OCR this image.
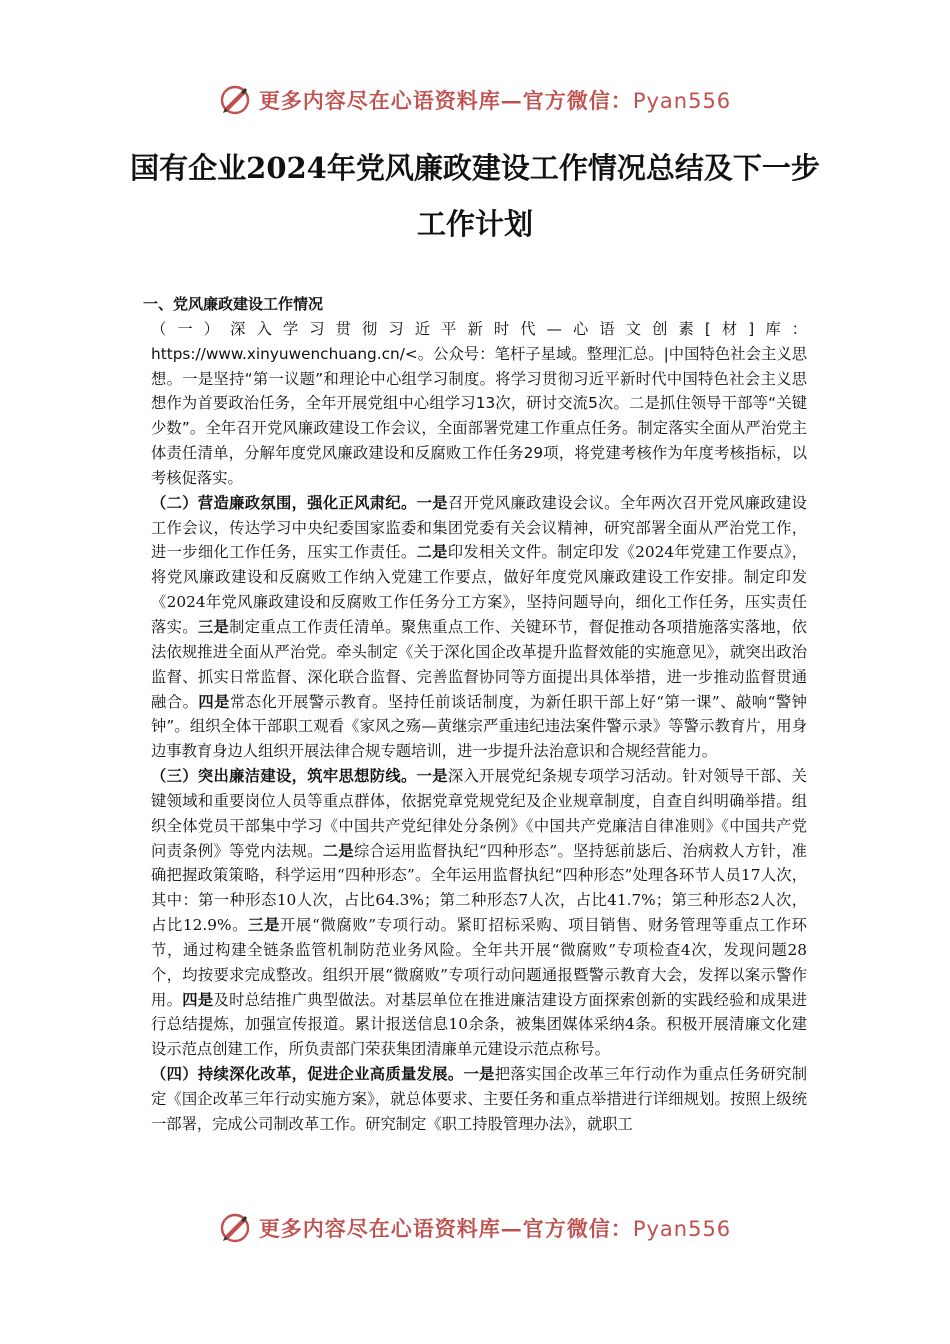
更多内容尽在心语资料库—官方微信：Pyan556
国有企业2024年党风廉政建设工作情况总结及下一步工作计划

一、党风廉政建设工作情况

（一）深入学习贯彻习近平新时代—心语文创素[材]库：https://www.xinyuwenchuang.cn/<。公众号：笔杆子星域。整理汇总。|中国特色社会主义思想。一是坚持“第一议题”和理论中心组学习制度。将学习贯彻习近平新时代中国特色社会主义思想作为首要政治任务，全年开展党组中心组学习13次，研讨交流5次。二是抓住领导干部等“关键少数”。全年召开党风廉政建设工作会议，全面部署党建工作重点任务。制定落实全面从严治党主体责任清单，分解年度党风廉政建设和反腐败工作任务29项，将党建考核作为年度考核指标，以考核促落实。

（二）营造廉政氛围，强化正风肃纪。一是召开党风廉政建设会议。全年两次召开党风廉政建设工作会议，传达学习中央纪委国家监委和集团党委有关会议精神，研究部署全面从严治党工作，进一步细化工作任务，压实工作责任。二是印发相关文件。制定印发《2024年党建工作要点》，将党风廉政建设和反腐败工作纳入党建工作要点，做好年度党风廉政建设工作安排。制定印发《2024年党风廉政建设和反腐败工作任务分工方案》，坚持问题导向，细化工作任务，压实责任落实。三是制定重点工作责任清单。聚焦重点工作、关键环节，督促推动各项措施落实落地，依法依规推进全面从严治党。牵头制定《关于深化国企改革提升监督效能的实施意见》，就突出政治监督、抓实日常监督、深化联合监督、完善监督协同等方面提出具体举措，进一步推动监督贯通融合。四是常态化开展警示教育。坚持任前谈话制度，为新任职干部上好“第一课”、敲响“警钟钟”。组织全体干部职工观看《家风之殇—黄继宗严重违纪违法案件警示录》等警示教育片，用身边事教育身边人组织开展法律合规专题培训，进一步提升法治意识和合规经营能力。

（三）突出廉洁建设，筑牢思想防线。一是深入开展党纪条规专项学习活动。针对领导干部、关键领域和重要岗位人员等重点群体，依据党章党规党纪及企业规章制度，自查自纠明确举措。组织全体党员干部集中学习《中国共产党纪律处分条例》《中国共产党廉洁自律准则》《中国共产党问责条例》等党内法规。二是综合运用监督执纪“四种形态”。坚持惩前毖后、治病救人方针，准确把握政策策略，科学运用“四种形态”。全年运用监督执纪“四种形态”处理各环节人员17人次，其中：第一种形态10人次，占比64.3%；第二种形态7人次，占比41.7%；第三种形态2人次，占比12.9%。三是开展“微腐败”专项行动。紧盯招标采购、项目销售、财务管理等重点工作环节，通过构建全链条监管机制防范业务风险。全年共开展“微腐败”专项检查4次，发现问题28个，均按要求完成整改。组织开展“微腐败”专项行动问题通报暨警示教育大会，发挥以案示警作用。四是及时总结推广典型做法。对基层单位在推进廉洁建设方面探索创新的实践经验和成果进行总结提炼，加强宣传报道。累计报送信息10余条，被集团媒体采纳4条。积极开展清廉文化建设示范点创建工作，所负责部门荣获集团清廉单元建设示范点称号。

（四）持续深化改革，促进企业高质量发展。一是把落实国企改革三年行动作为重点任务研究制定《国企改革三年行动实施方案》，就总体要求、主要任务和重点举措进行详细规划。按照上级统一部署，完成公司制改革工作。研究制定《职工持股管理办法》，就职工

更多内容尽在心语资料库—官方微信：Pyan556
